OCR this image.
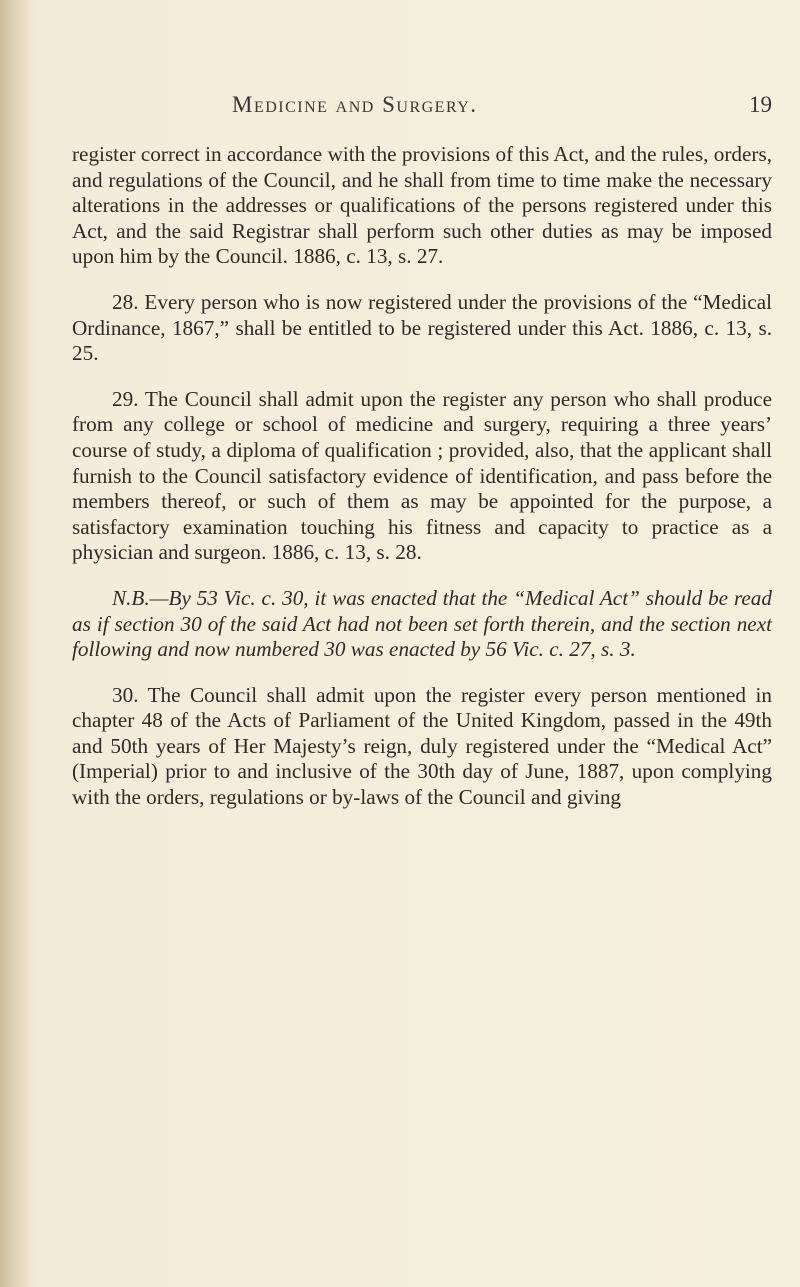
Medicine and Surgery.	19

register correct in accordance with the provisions of this Act, and the rules, orders, and regulations of the Council, and he shall from time to time make the necessary alterations in the addresses or qualifications of the persons registered under this Act, and the said Registrar shall perform such other duties as may be imposed upon him by the Council. 1886, c. 13, s. 27.

28. Every person who is now registered under the provisions of the “Medical Ordinance, 1867,” shall be entitled to be registered under this Act. 1886, c. 13, s. 25.

29. The Council shall admit upon the register any person who shall produce from any college or school of medicine and surgery, requiring a three years’ course of study, a diploma of qualification ; provided, also, that the applicant shall furnish to the Council satisfactory evidence of identification, and pass before the members thereof, or such of them as may be appointed for the purpose, a satisfactory examination touching his fitness and capacity to practice as a physician and surgeon. 1886, c. 13, s. 28.

N.B.—By 53 Vic. c. 30, it was enacted that the “Medical Act” should be read as if section 30 of the said Act had not been set forth therein, and the section next following and now numbered 30 was enacted by 56 Vic. c. 27, s. 3.

30. The Council shall admit upon the register every person mentioned in chapter 48 of the Acts of Parliament of the United Kingdom, passed in the 49th and 50th years of Her Majesty’s reign, duly registered under the “Medical Act” (Imperial) prior to and inclusive of the 30th day of June, 1887, upon complying with the orders, regulations or by-laws of the Council and giving
